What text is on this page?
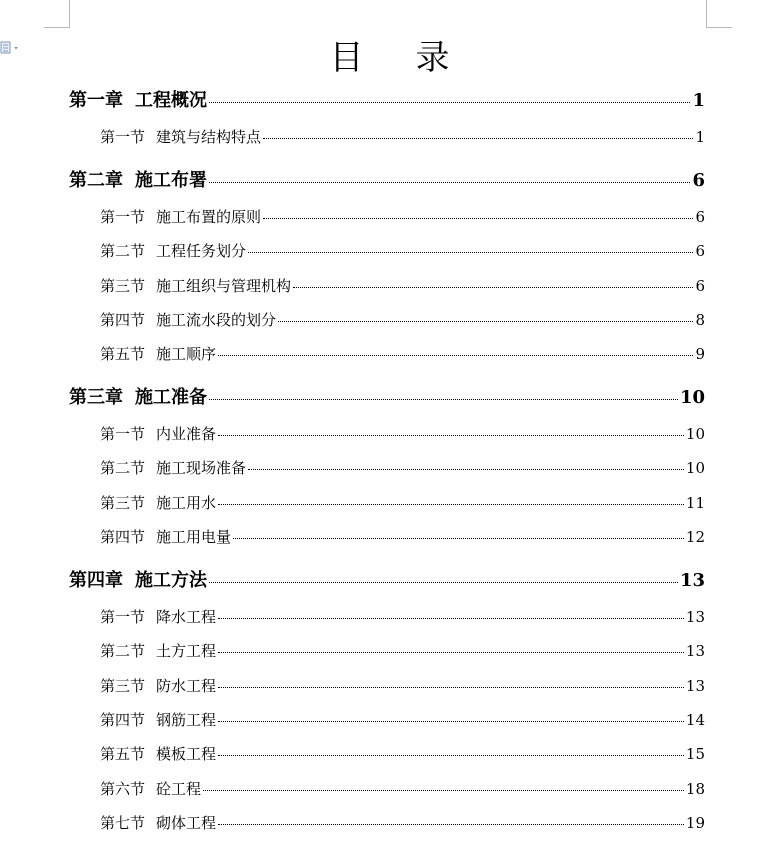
目 录
第一章 工程概况	1
第一节 建筑与结构特点	1
第二章 施工布署	6
第一节 施工布置的原则	6
第二节 工程任务划分	6
第三节 施工组织与管理机构	6
第四节 施工流水段的划分	8
第五节 施工顺序	9
第三章 施工准备	10
第一节 内业准备	10
第二节 施工现场准备	10
第三节 施工用水	11
第四节 施工用电量	12
第四章 施工方法	13
第一节 降水工程	13
第二节 土方工程	13
第三节 防水工程	13
第四节 钢筋工程	14
第五节 模板工程	15
第六节 砼工程	18
第七节 砌体工程	19
